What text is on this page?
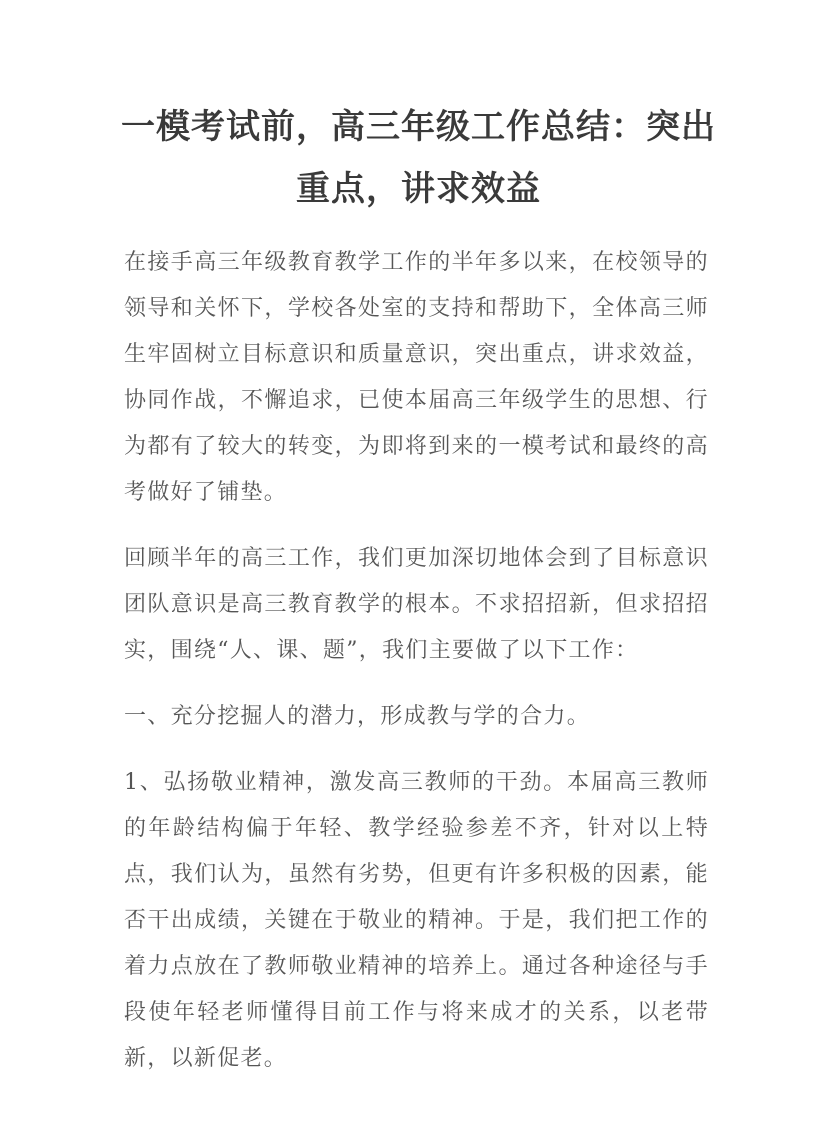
一模考试前，高三年级工作总结：突出重点，讲求效益

在接手高三年级教育教学工作的半年多以来，在校领导的领导和关怀下，学校各处室的支持和帮助下，全体高三师生牢固树立目标意识和质量意识，突出重点，讲求效益，协同作战，不懈追求，已使本届高三年级学生的思想、行为都有了较大的转变，为即将到来的一模考试和最终的高考做好了铺垫。

回顾半年的高三工作，我们更加深切地体会到了目标意识团队意识是高三教育教学的根本。不求招招新，但求招招实，围绕“人、课、题”，我们主要做了以下工作：

一、充分挖掘人的潜力，形成教与学的合力。

1、弘扬敬业精神，激发高三教师的干劲。本届高三教师的年龄结构偏于年轻、教学经验参差不齐，针对以上特点，我们认为，虽然有劣势，但更有许多积极的因素，能否干出成绩，关键在于敬业的精神。于是，我们把工作的着力点放在了教师敬业精神的培养上。通过各种途径与手段使年轻老师懂得目前工作与将来成才的关系，以老带新，以新促老。
